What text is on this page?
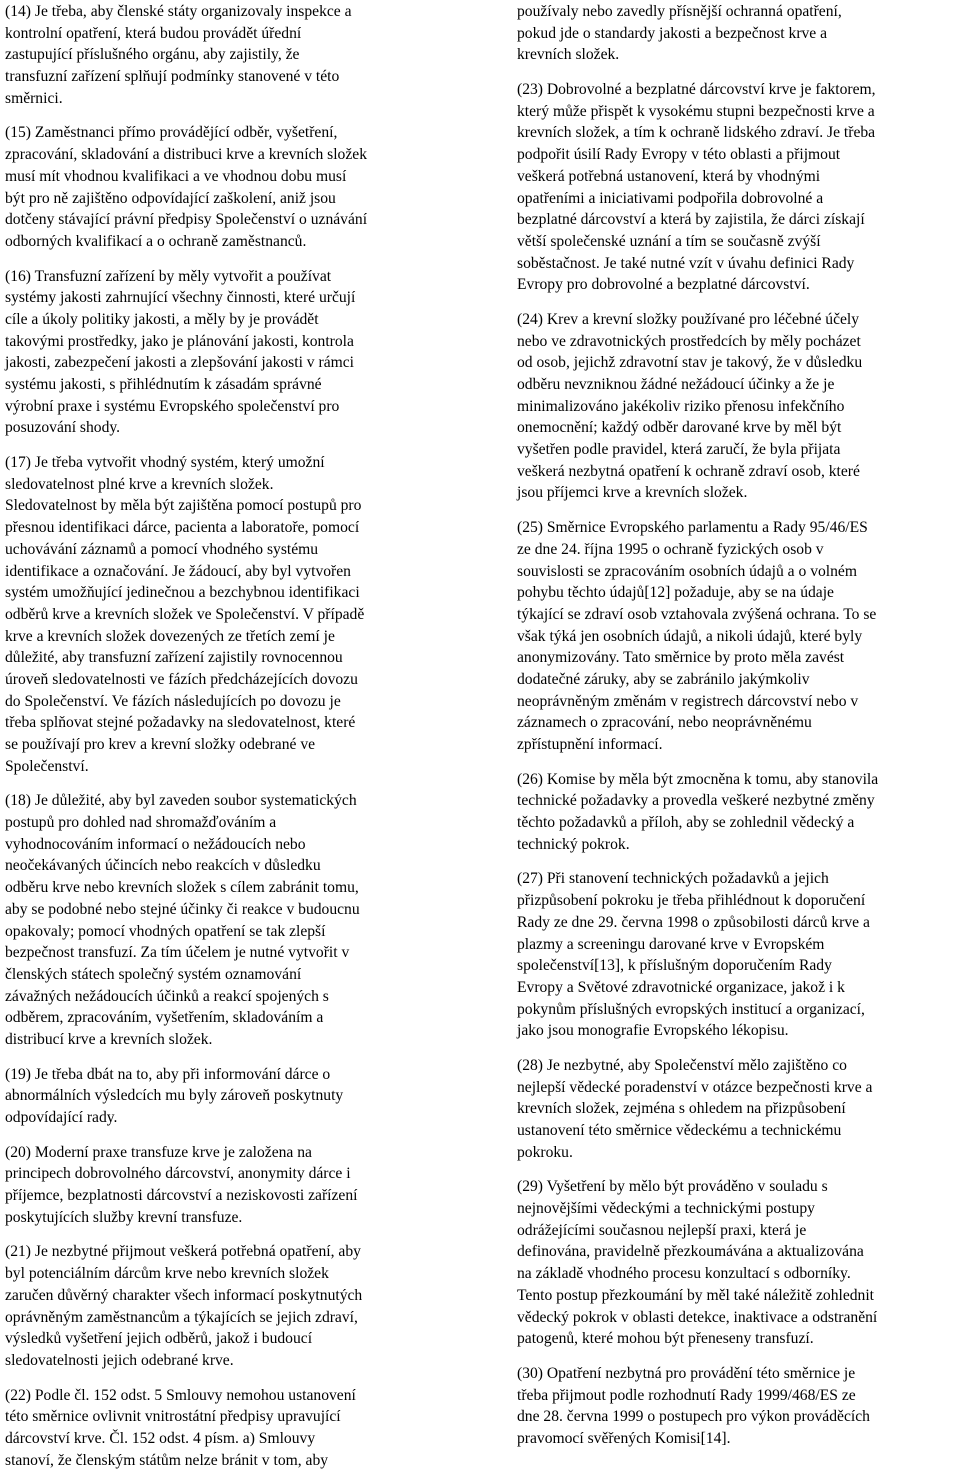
(14) Je třeba, aby členské státy organizovaly inspekce a
kontrolní opatření, která budou provádět úřední
zastupující příslušného orgánu, aby zajistily, že
transfuzní zařízení splňují podmínky stanovené v této
směrnici.
(15) Zaměstnanci přímo provádějící odběr, vyšetření,
zpracování, skladování a distribuci krve a krevních složek
musí mít vhodnou kvalifikaci a ve vhodnou dobu musí
být pro ně zajištěno odpovídající zaškolení, aniž jsou
dotčeny stávající právní předpisy Společenství o uznávání
odborných kvalifikací a o ochraně zaměstnanců.
(16) Transfuzní zařízení by měly vytvořit a používat
systémy jakosti zahrnující všechny činnosti, které určují
cíle a úkoly politiky jakosti, a měly by je provádět
takovými prostředky, jako je plánování jakosti, kontrola
jakosti, zabezpečení jakosti a zlepšování jakosti v rámci
systému jakosti, s přihlédnutím k zásadám správné
výrobní praxe i systému Evropského společenství pro
posuzování shody.
(17) Je třeba vytvořit vhodný systém, který umožní
sledovatelnost plné krve a krevních složek.
Sledovatelnost by měla být zajištěna pomocí postupů pro
přesnou identifikaci dárce, pacienta a laboratoře, pomocí
uchovávání záznamů a pomocí vhodného systému
identifikace a označování. Je žádoucí, aby byl vytvořen
systém umožňující jedinečnou a bezchybnou identifikaci
odběrů krve a krevních složek ve Společenství. V případě
krve a krevních složek dovezených ze třetích zemí je
důležité, aby transfuzní zařízení zajistily rovnocennou
úroveň sledovatelnosti ve fázích předcházejících dovozu
do Společenství. Ve fázích následujících po dovozu je
třeba splňovat stejné požadavky na sledovatelnost, které
se používají pro krev a krevní složky odebrané ve
Společenství.
(18) Je důležité, aby byl zaveden soubor systematických
postupů pro dohled nad shromažďováním a
vyhodnocováním informací o nežádoucích nebo
neočekávaných účincích nebo reakcích v důsledku
odběru krve nebo krevních složek s cílem zabránit tomu,
aby se podobné nebo stejné účinky či reakce v budoucnu
opakovaly; pomocí vhodných opatření se tak zlepší
bezpečnost transfuzí. Za tím účelem je nutné vytvořit v
členských státech společný systém oznamování
závažných nežádoucích účinků a reakcí spojených s
odběrem, zpracováním, vyšetřením, skladováním a
distribucí krve a krevních složek.
(19) Je třeba dbát na to, aby při informování dárce o
abnormálních výsledcích mu byly zároveň poskytnuty
odpovídající rady.
(20) Moderní praxe transfuze krve je založena na
principech dobrovolného dárcovství, anonymity dárce i
příjemce, bezplatnosti dárcovství a neziskovosti zařízení
poskytujících služby krevní transfuze.
(21) Je nezbytné přijmout veškerá potřebná opatření, aby
byl potenciálním dárcům krve nebo krevních složek
zaručen důvěrný charakter všech informací poskytnutých
oprávněným zaměstnancům a týkajících se jejich zdraví,
výsledků vyšetření jejich odběrů, jakož i budoucí
sledovatelnosti jejich odebrané krve.
(22) Podle čl. 152 odst. 5 Smlouvy nemohou ustanovení
této směrnice ovlivnit vnitrostátní předpisy upravující
dárcovství krve. Čl. 152 odst. 4 písm. a) Smlouvy
stanoví, že členským státům nelze bránit v tom, aby
používaly nebo zavedly přísnější ochranná opatření,
pokud jde o standardy jakosti a bezpečnost krve a
krevních složek.
(23) Dobrovolné a bezplatné dárcovství krve je faktorem,
který může přispět k vysokému stupni bezpečnosti krve a
krevních složek, a tím k ochraně lidského zdraví. Je třeba
podpořit úsilí Rady Evropy v této oblasti a přijmout
veškerá potřebná ustanovení, která by vhodnými
opatřeními a iniciativami podpořila dobrovolné a
bezplatné dárcovství a která by zajistila, že dárci získají
větší společenské uznání a tím se současně zvýší
soběstačnost. Je také nutné vzít v úvahu definici Rady
Evropy pro dobrovolné a bezplatné dárcovství.
(24) Krev a krevní složky používané pro léčebné účely
nebo ve zdravotnických prostředcích by měly pocházet
od osob, jejichž zdravotní stav je takový, že v důsledku
odběru nevzniknou žádné nežádoucí účinky a že je
minimalizováno jakékoliv riziko přenosu infekčního
onemocnění; každý odběr darované krve by měl být
vyšetřen podle pravidel, která zaručí, že byla přijata
veškerá nezbytná opatření k ochraně zdraví osob, které
jsou příjemci krve a krevních složek.
(25) Směrnice Evropského parlamentu a Rady 95/46/ES
ze dne 24. října 1995 o ochraně fyzických osob v
souvislosti se zpracováním osobních údajů a o volném
pohybu těchto údajů[12] požaduje, aby se na údaje
týkající se zdraví osob vztahovala zvýšená ochrana. To se
však týká jen osobních údajů, a nikoli údajů, které byly
anonymizovány. Tato směrnice by proto měla zavést
dodatečné záruky, aby se zabránilo jakýmkoliv
neoprávněným změnám v registrech dárcovství nebo v
záznamech o zpracování, nebo neoprávněnému
zpřístupnění informací.
(26) Komise by měla být zmocněna k tomu, aby stanovila
technické požadavky a provedla veškeré nezbytné změny
těchto požadavků a příloh, aby se zohlednil vědecký a
technický pokrok.
(27) Při stanovení technických požadavků a jejich
přizpůsobení pokroku je třeba přihlédnout k doporučení
Rady ze dne 29. června 1998 o způsobilosti dárců krve a
plazmy a screeningu darované krve v Evropském
společenství[13], k příslušným doporučením Rady
Evropy a Světové zdravotnické organizace, jakož i k
pokynům příslušných evropských institucí a organizací,
jako jsou monografie Evropského lékopisu.
(28) Je nezbytné, aby Společenství mělo zajištěno co
nejlepší vědecké poradenství v otázce bezpečnosti krve a
krevních složek, zejména s ohledem na přizpůsobení
ustanovení této směrnice vědeckému a technickému
pokroku.
(29) Vyšetření by mělo být prováděno v souladu s
nejnovějšími vědeckými a technickými postupy
odrážejícími současnou nejlepší praxi, která je
definována, pravidelně přezkoumávána a aktualizována
na základě vhodného procesu konzultací s odborníky.
Tento postup přezkoumání by měl také náležitě zohlednit
vědecký pokrok v oblasti detekce, inaktivace a odstranění
patogenů, které mohou být přeneseny transfuzí.
(30) Opatření nezbytná pro provádění této směrnice je
třeba přijmout podle rozhodnutí Rady 1999/468/ES ze
dne 28. června 1999 o postupech pro výkon prováděcích
pravomocí svěřených Komisi[14].
